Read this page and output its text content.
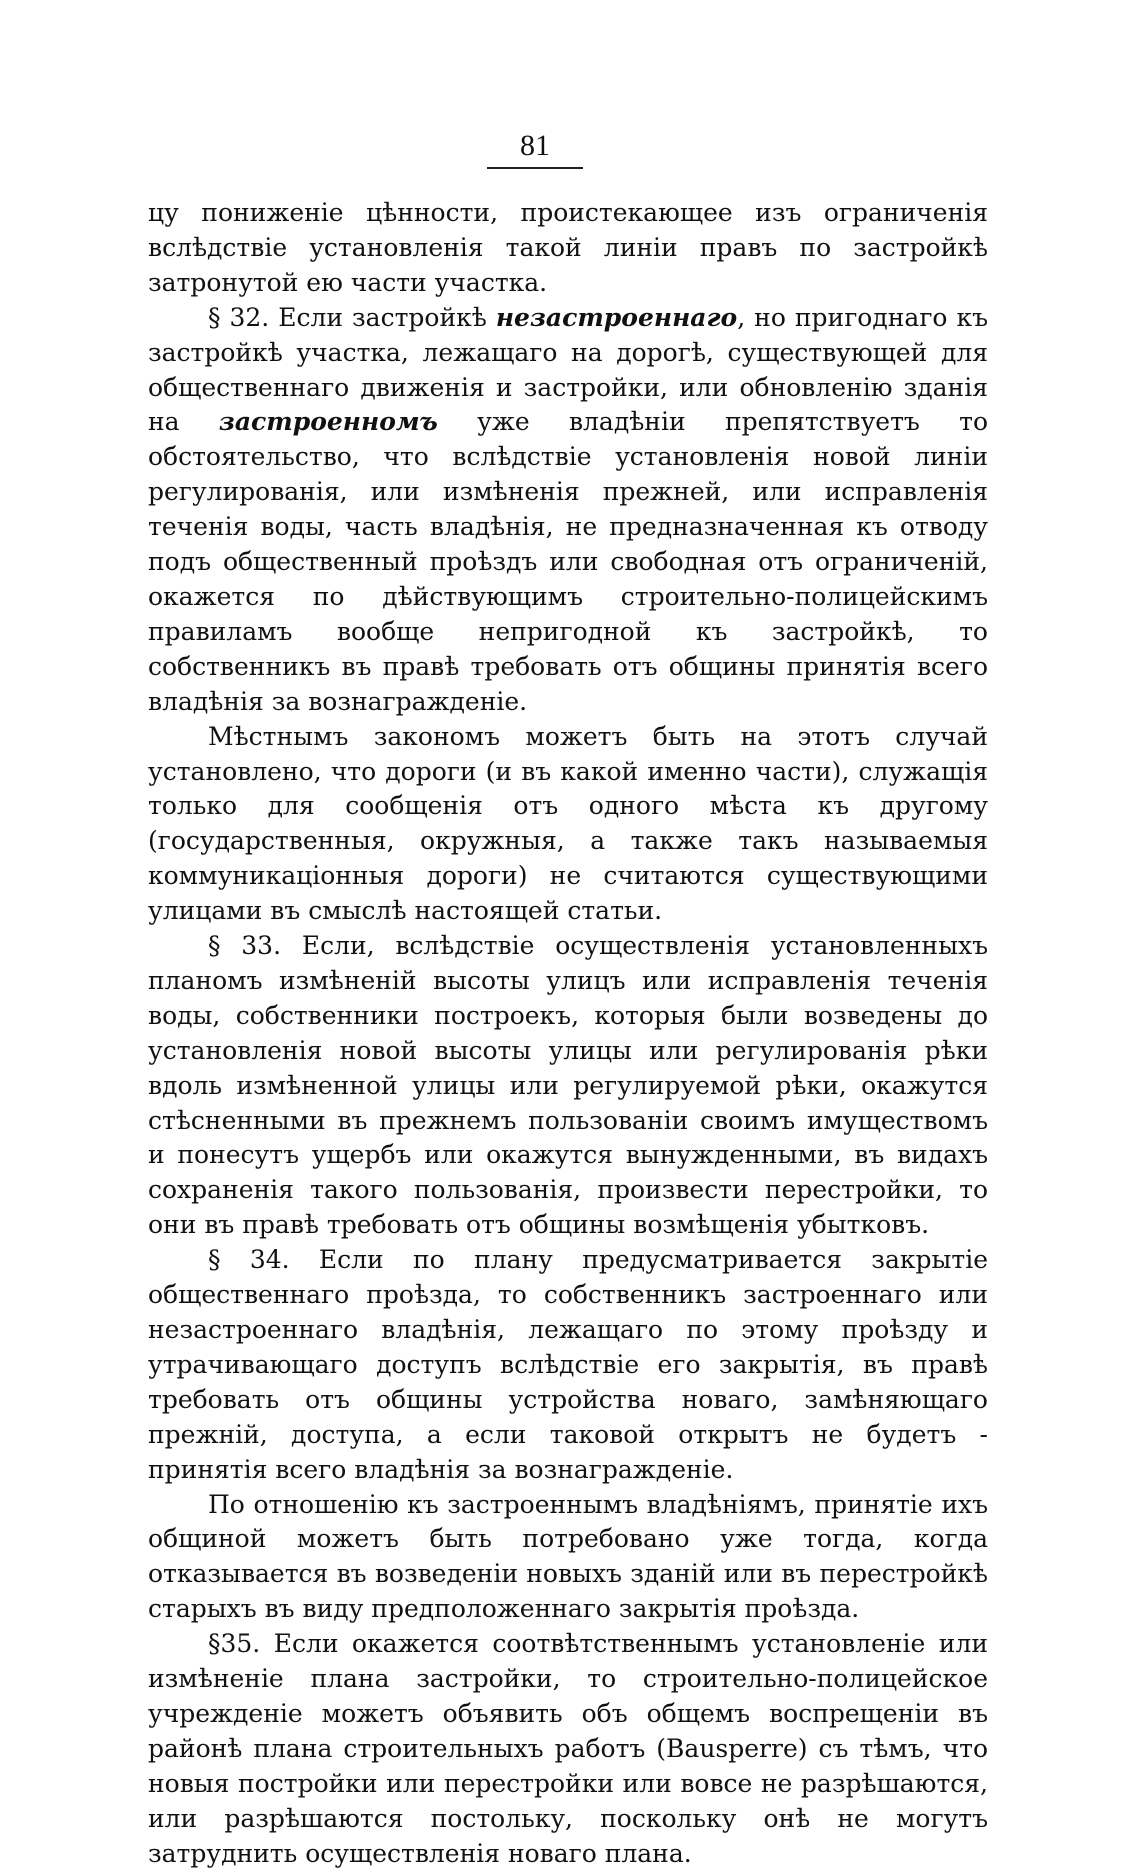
81

цу пониженіе цѣнности, проистекающее изъ ограниченія вслѣдствіе установленія такой линіи правъ по застройкѣ затронутой ею части участка.

§ 32. Если застройкѣ незастроеннаго, но пригоднаго къ застройкѣ участка, лежащаго на дорогѣ, существующей для общественнаго движенія и застройки, или обновленію зданія на застроенномъ уже владѣніи препятствуетъ то обстоятельство, что вслѣдствіе установленія новой линіи регулированія, или измѣненія прежней, или исправленія теченія воды, часть владѣнія, не предназначенная къ отводу подъ общественный проѣздъ или свободная отъ ограниченій, окажется по дѣйствующимъ строительно-полицейскимъ правиламъ вообще непригодной къ застройкѣ, то собственникъ въ правѣ требовать отъ общины принятія всего владѣнія за вознагражденіе.

Мѣстнымъ закономъ можетъ быть на этотъ случай установлено, что дороги (и въ какой именно части), служащія только для сообщенія отъ одного мѣста къ другому (государственныя, окружныя, а также такъ называемыя коммуникаціонныя дороги) не считаются существующими улицами въ смыслѣ настоящей статьи.

§ 33. Если, вслѣдствіе осуществленія установленныхъ планомъ измѣненій высоты улицъ или исправленія теченія воды, собственники построекъ, которыя были возведены до установленія новой высоты улицы или регулированія рѣки вдоль измѣненной улицы или регулируемой рѣки, окажутся стѣсненными въ прежнемъ пользованіи своимъ имуществомъ и понесутъ ущербъ или окажутся вынужденными, въ видахъ сохраненія такого пользованія, произвести перестройки, то они въ правѣ требовать отъ общины возмѣщенія убытковъ.

§ 34. Если по плану предусматривается закрытіе общественнаго проѣзда, то собственникъ застроеннаго или незастроеннаго владѣнія, лежащаго по этому проѣзду и утрачивающаго доступъ вслѣдствіе его закрытія, въ правѣ требовать отъ общины устройства новаго, замѣняющаго прежній, доступа, а если таковой открытъ не будетъ - принятія всего владѣнія за вознагражденіе.

По отношенію къ застроеннымъ владѣніямъ, принятіе ихъ общиной можетъ быть потребовано уже тогда, когда отказывается въ возведеніи новыхъ зданій или въ перестройкѣ старыхъ въ виду предположеннаго закрытія проѣзда.

§35. Если окажется соотвѣтственнымъ установленіе или измѣненіе плана застройки, то строительно-полицейское учрежденіе можетъ объявить объ общемъ воспрещеніи въ районѣ плана строительныхъ работъ (Bausperre) съ тѣмъ, что новыя постройки или перестройки или вовсе не разрѣшаются, или разрѣшаются постольку, поскольку онѣ не могутъ затруднить осуществленія новаго плана.
